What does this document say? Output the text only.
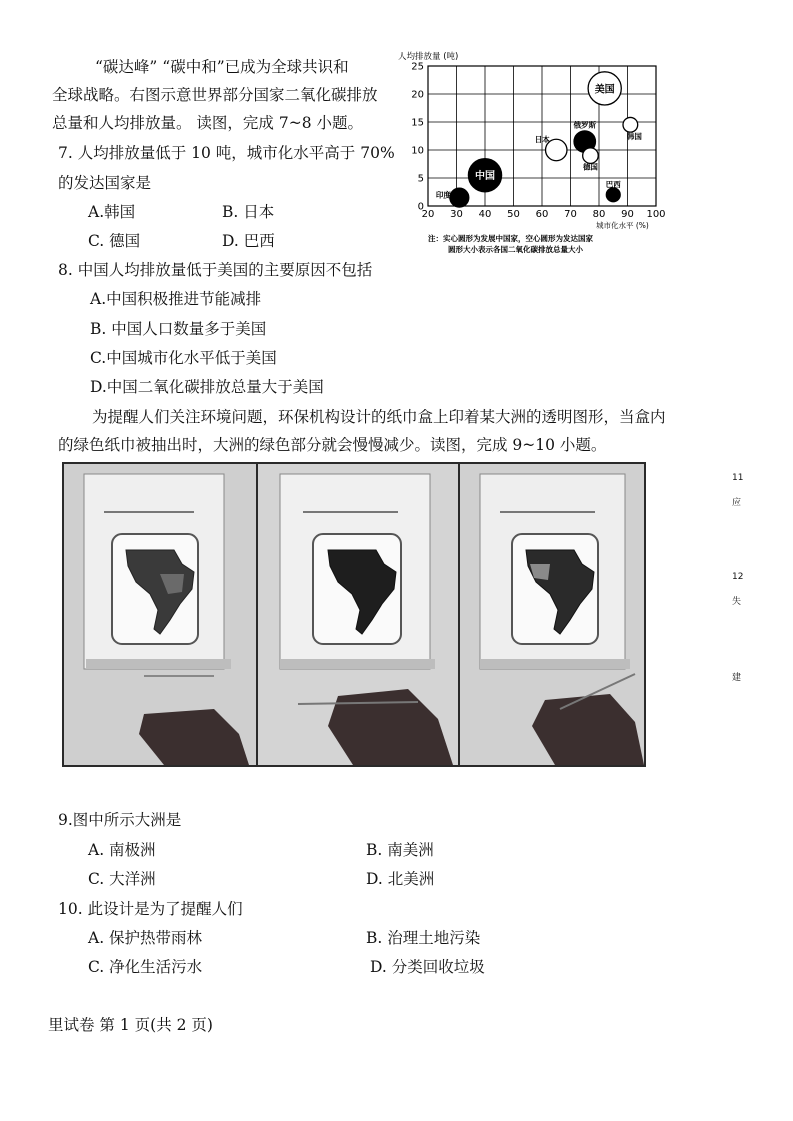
“碳达峰” “碳中和”已成为全球共识和
全球战略。右图示意世界部分国家二氧化碳排放
总量和人均排放量。 读图，完成 7~8 小题。
7. 人均排放量低于 10 吨，城市化水平高于 70%
的发达国家是
A.韩国	B. 日本
C. 德国	D. 巴西
8. 中国人均排放量低于美国的主要原因不包括
A.中国积极推进节能减排
B. 中国人口数量多于美国
C.中国城市化水平低于美国
D.中国二氧化碳排放总量大于美国
为提醒人们关注环境问题，环保机构设计的纸巾盒上印着某大洲的透明图形，当盒内
的绿色纸巾被抽出时，大洲的绿色部分就会慢慢减少。读图，完成 9~10 小题。
20 30 40 50 60 70 80 90 100
0
5
10
15
20
25
美国
中国
俄罗斯
日本
德国
韩国
印度
巴西
人均排放量 (吨)
城市化水平 (%)
注：实心圆形为发展中国家，空心圆形为发达国家
圆形大小表示各国二氧化碳排放总量大小
11
应
12
失
建
9.图中所示大洲是
A. 南极洲	B. 南美洲
C. 大洋洲	D. 北美洲
10. 此设计是为了提醒人们
A. 保护热带雨林	B. 治理土地污染
C. 净化生活污水	D. 分类回收垃圾
里试卷 第 1 页(共 2 页)
